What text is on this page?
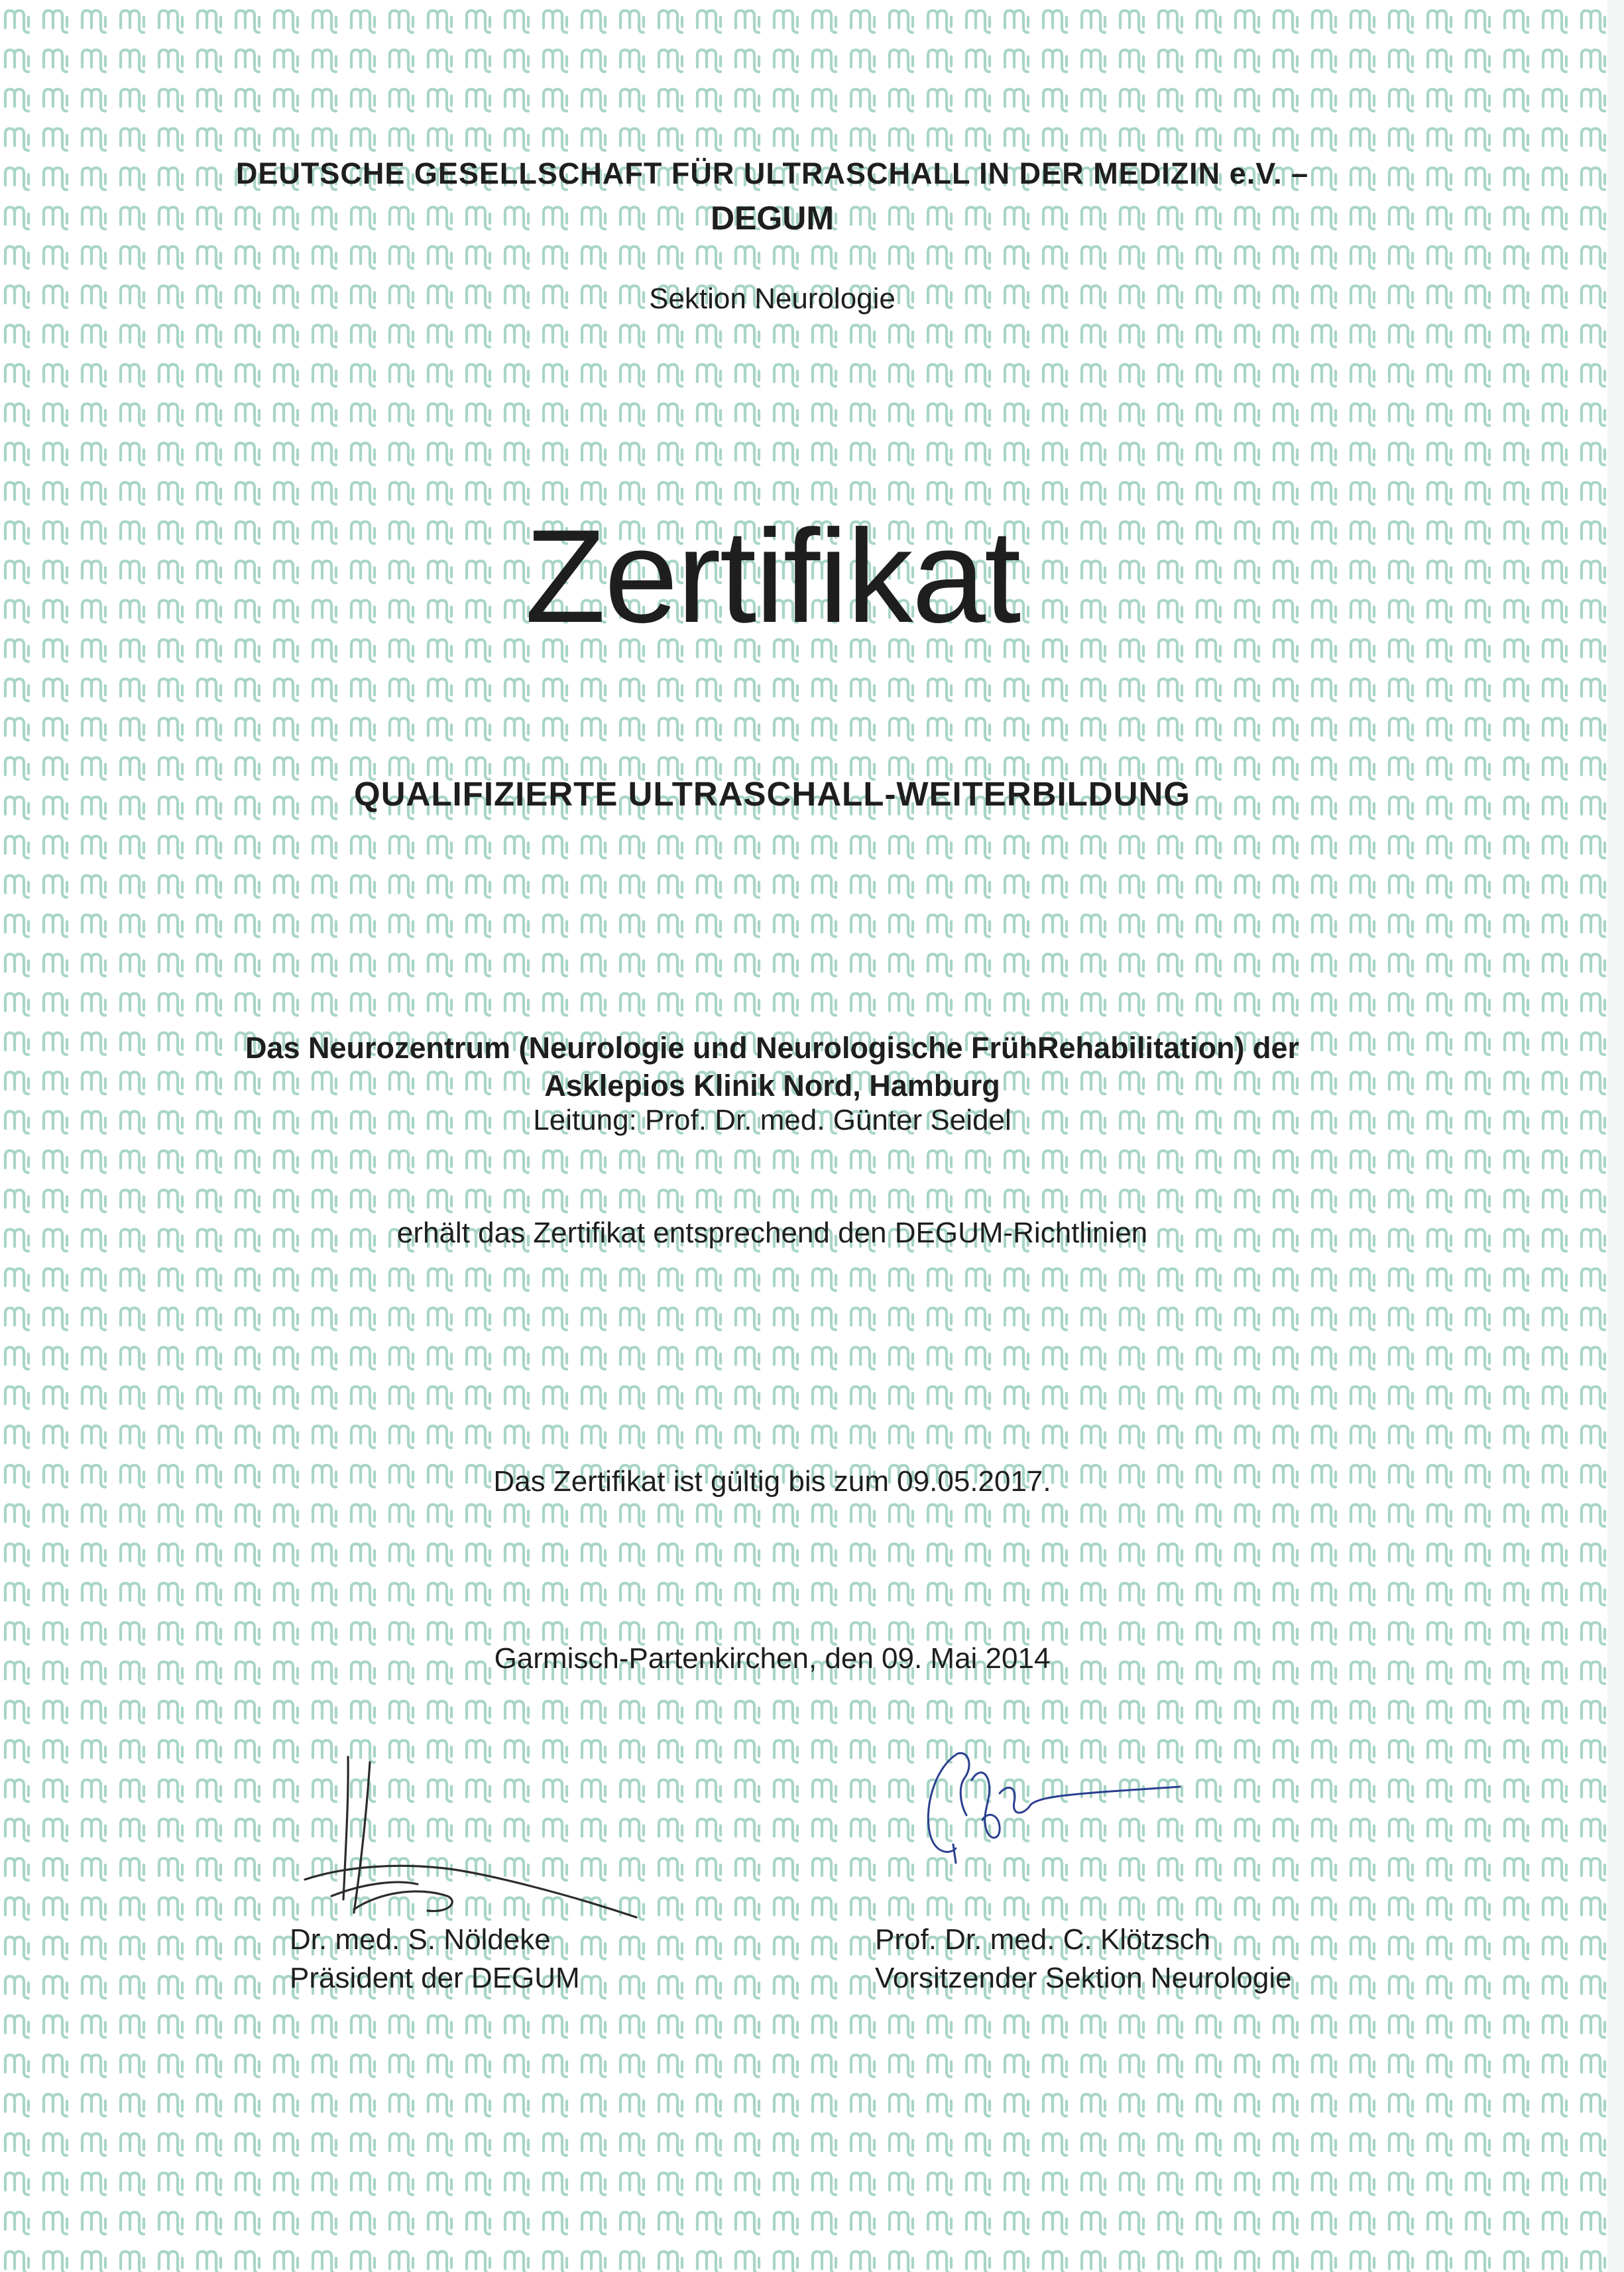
DEUTSCHE GESELLSCHAFT FÜR ULTRASCHALL IN DER MEDIZIN e.V. –
DEGUM
Sektion Neurologie
Zertifikat
QUALIFIZIERTE ULTRASCHALL-WEITERBILDUNG
Das Neurozentrum (Neurologie und Neurologische FrühRehabilitation) der
Asklepios Klinik Nord, Hamburg
Leitung: Prof. Dr. med. Günter Seidel
erhält das Zertifikat entsprechend den DEGUM-Richtlinien
Das Zertifikat ist gültig bis zum 09.05.2017.
Garmisch-Partenkirchen, den 09. Mai 2014
Dr. med. S. Nöldeke
Präsident der DEGUM
Prof. Dr. med. C. Klötzsch
Vorsitzender Sektion Neurologie
